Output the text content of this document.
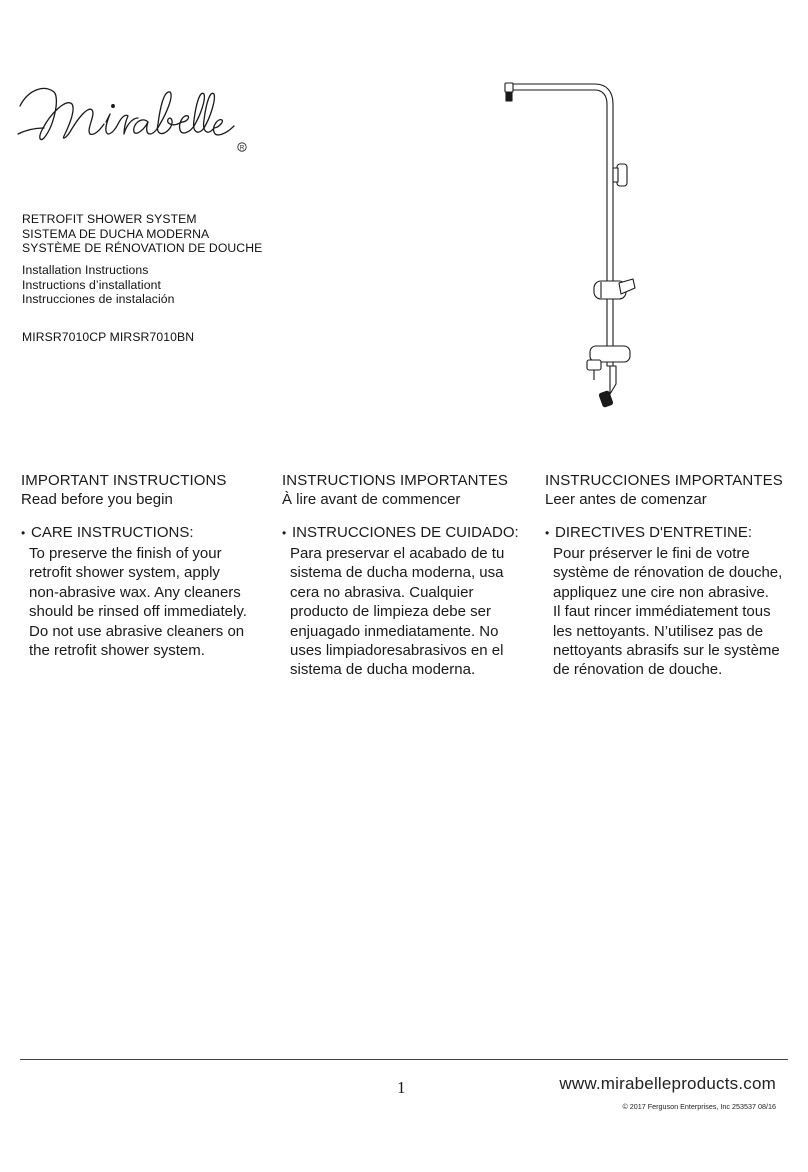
R
RETROFIT SHOWER SYSTEM
SISTEMA DE DUCHA MODERNA
SYSTÈME DE RÉNOVATION DE DOUCHE
Installation Instructions
Instructions d’installationt
Instrucciones de instalación
MIRSR7010CP MIRSR7010BN
IMPORTANT INSTRUCTIONS
Read before you begin
• CARE INSTRUCTIONS:
To preserve the finish of your
retrofit shower system, apply
non-abrasive wax. Any cleaners
should be rinsed off immediately.
Do not use abrasive cleaners on
the retrofit shower system.
INSTRUCTIONS IMPORTANTES
À lire avant de commencer
• INSTRUCCIONES DE CUIDADO:
Para preservar el acabado de tu
sistema de ducha moderna, usa
cera no abrasiva. Cualquier
producto de limpieza debe ser
enjuagado inmediatamente. No
uses limpiadoresabrasivos en el
sistema de ducha moderna.
INSTRUCCIONES IMPORTANTES
Leer antes de comenzar
• DIRECTIVES D'ENTRETINE:
Pour préserver le fini de votre
système de rénovation de douche,
appliquez une cire non abrasive.
Il faut rincer immédiatement tous
les nettoyants. N’utilisez pas de
nettoyants abrasifs sur le système
de rénovation de douche.
1	www.mirabelleproducts.com
© 2017 Ferguson Enterprises, Inc 253537 08/16
